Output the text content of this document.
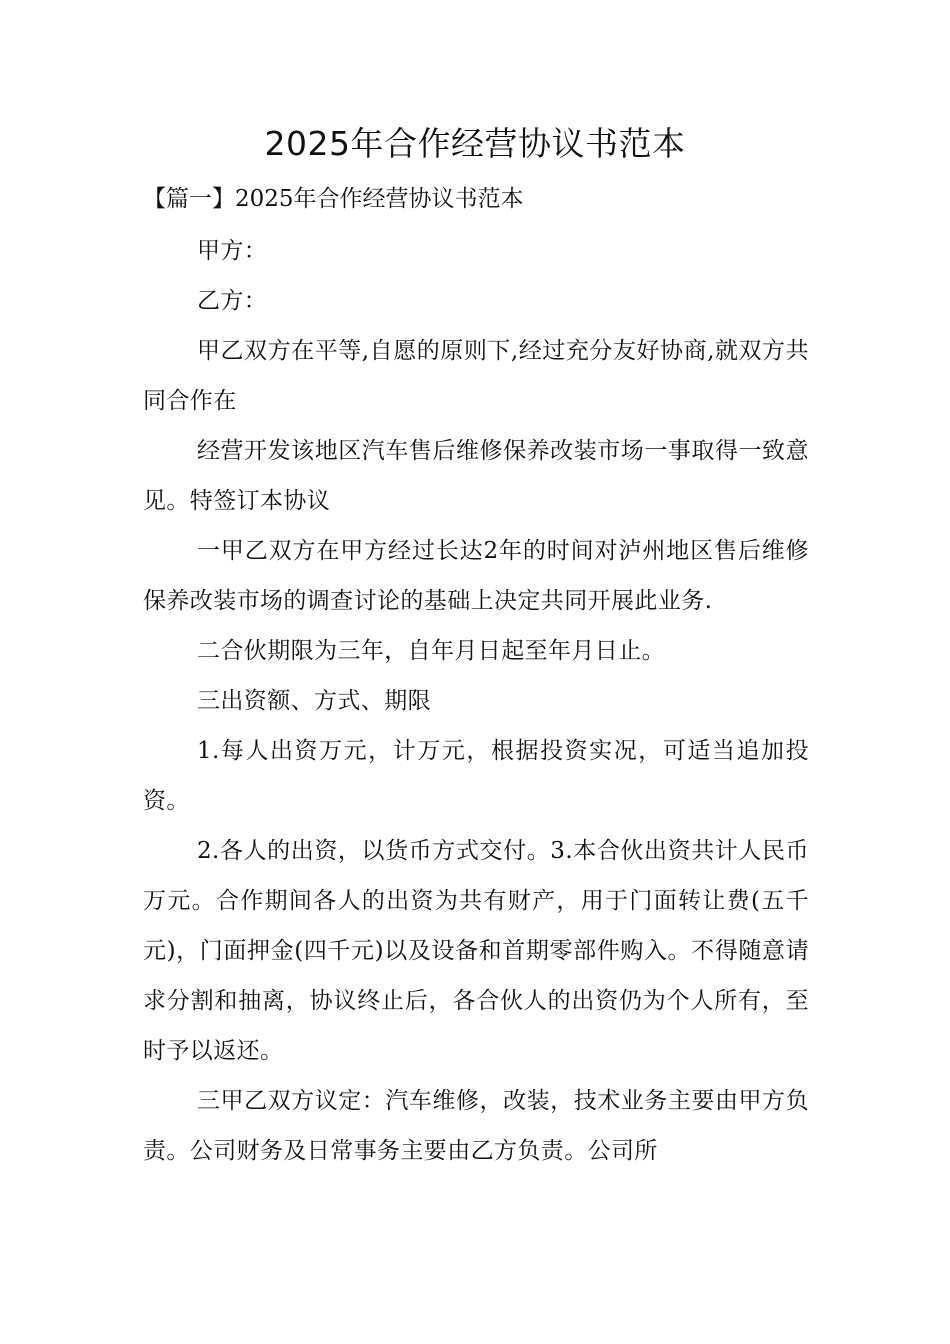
2025年合作经营协议书范本
【篇一】2025年合作经营协议书范本

甲方：

乙方：

甲乙双方在平等,自愿的原则下,经过充分友好协商,就双方共同合作在

经营开发该地区汽车售后维修保养改装市场一事取得一致意见。特签订本协议

一甲乙双方在甲方经过长达2年的时间对泸州地区售后维修保养改装市场的调查讨论的基础上决定共同开展此业务.

二合伙期限为三年，自年月日起至年月日止。

三出资额、方式、期限

1.每人出资万元，计万元，根据投资实况，可适当追加投资。

2.各人的出资，以货币方式交付。3.本合伙出资共计人民币万元。合作期间各人的出资为共有财产，用于门面转让费(五千元)，门面押金(四千元)以及设备和首期零部件购入。不得随意请求分割和抽离，协议终止后，各合伙人的出资仍为个人所有，至时予以返还。

三甲乙双方议定：汽车维修，改装，技术业务主要由甲方负责。公司财务及日常事务主要由乙方负责。公司所
